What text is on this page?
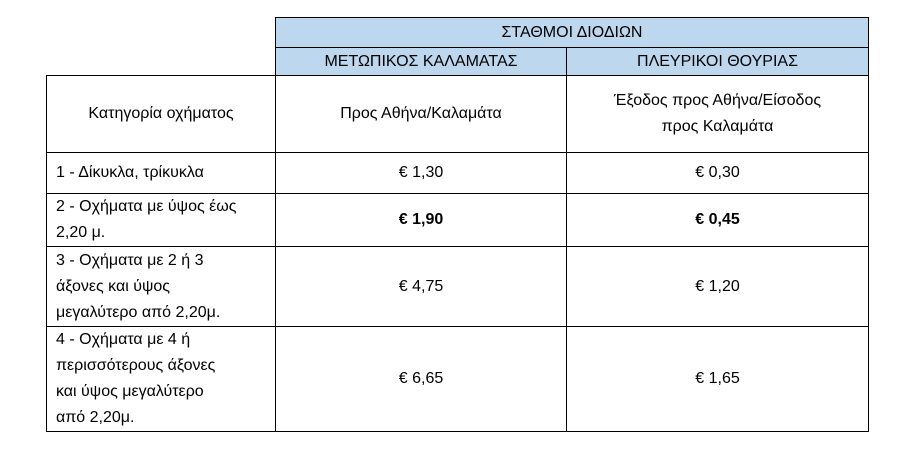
	ΣΤΑΘΜΟΙ ΔΙΟΔΙΩΝ	
	ΜΕΤΩΠΙΚΟΣ ΚΑΛΑΜΑΤΑΣ	ΠΛΕΥΡΙΚΟΙ ΘΟΥΡΙΑΣ
Κατηγορία οχήματος	Προς Αθήνα/Καλαμάτα	Έξοδος προς Αθήνα/Είσοδος
προς Καλαμάτα

1 - Δίκυκλα, τρίκυκλα	€ 1,30	€ 0,30

2 - Οχήματα με ύψος έως
2,20 μ.	€ 1,90	€ 0,45

3 - Οχήματα με 2 ή 3
άξονες και ύψος
μεγαλύτερο από 2,20μ.	€ 4,75	€ 1,20

4 - Οχήματα με 4 ή
περισσότερους άξονες
και ύψος μεγαλύτερο
από 2,20μ.	€ 6,65	€ 1,65
